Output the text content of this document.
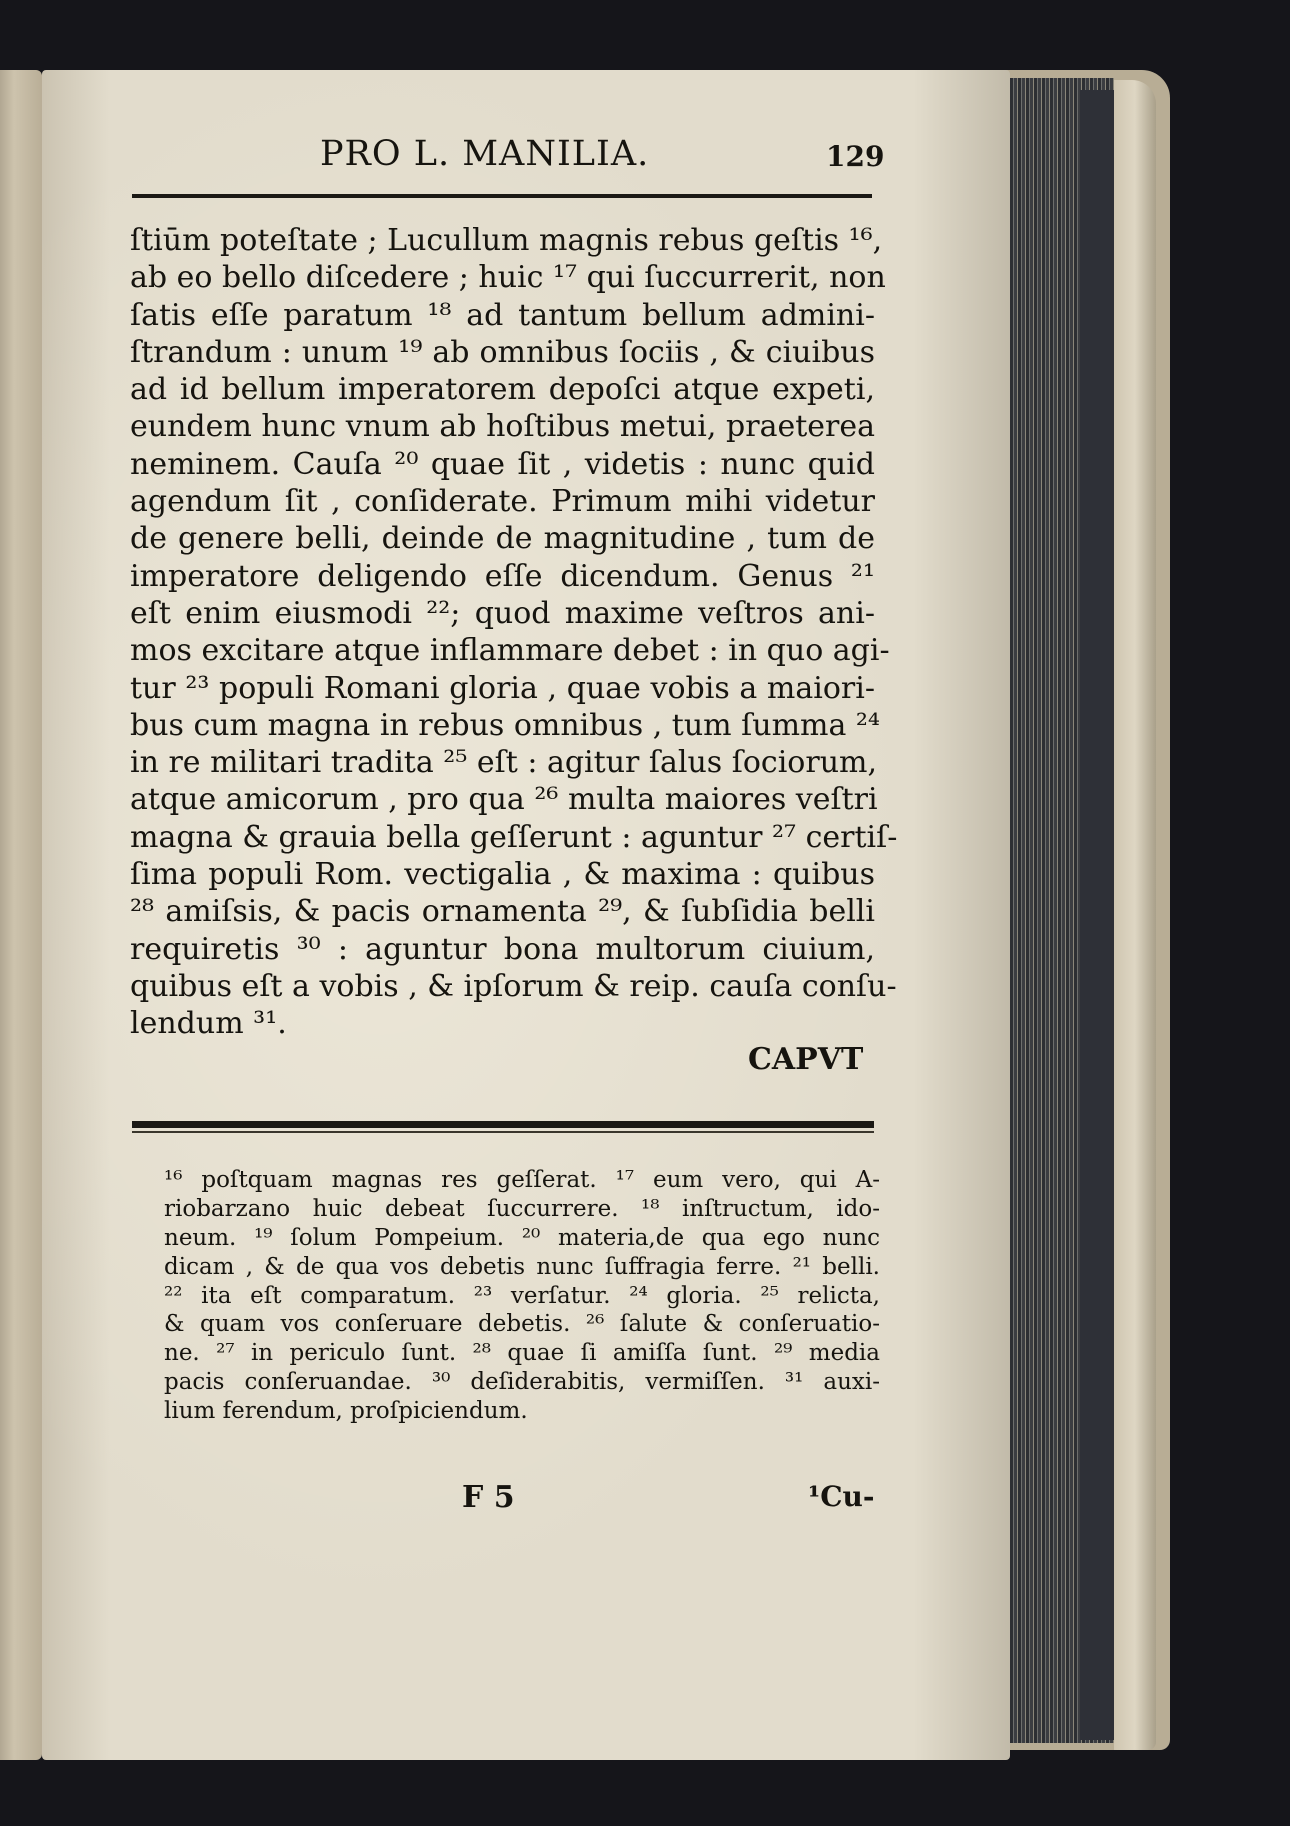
PRO L. MANILIA.	129
ſtiūm poteſtate ; Lucullum magnis rebus geſtis ¹⁶,
ab eo bello diſcedere ; huic ¹⁷ qui ſuccurrerit, non
ſatis eſſe paratum ¹⁸ ad tantum bellum admini-
ſtrandum : unum ¹⁹ ab omnibus ſociis , & ciuibus
ad id bellum imperatorem depoſci atque expeti,
eundem hunc vnum ab hoſtibus metui, praeterea
neminem. Cauſa ²⁰ quae ſit , videtis : nunc quid
agendum ſit , conſiderate. Primum mihi videtur
de genere belli, deinde de magnitudine , tum de
imperatore deligendo eſſe dicendum. Genus ²¹
eſt enim eiusmodi ²²; quod maxime veſtros ani-
mos excitare atque inflammare debet : in quo agi-
tur ²³ populi Romani gloria , quae vobis a maiori-
bus cum magna in rebus omnibus , tum ſumma ²⁴
in re militari tradita ²⁵ eſt : agitur ſalus ſociorum,
atque amicorum , pro qua ²⁶ multa maiores veſtri
magna & grauia bella geſſerunt : aguntur ²⁷ certiſ-
ſima populi Rom. vectigalia , & maxima : quibus
²⁸ amiſsis, & pacis ornamenta ²⁹, & ſubſidia belli
requiretis ³⁰ : aguntur bona multorum ciuium,
quibus eſt a vobis , & ipſorum & reip. cauſa conſu-
lendum ³¹.
CAPVT
¹⁶ poſtquam magnas res geſſerat. ¹⁷ eum vero, qui A-
riobarzano huic debeat ſuccurrere. ¹⁸ inſtructum, ido-
neum. ¹⁹ ſolum Pompeium. ²⁰ materia,de qua ego nunc
dicam , & de qua vos debetis nunc ſuffragia ferre. ²¹ belli.
²² ita eſt comparatum. ²³ verſatur. ²⁴ gloria. ²⁵ relicta,
& quam vos conſeruare debetis. ²⁶ ſalute & conſeruatio-
ne. ²⁷ in periculo ſunt. ²⁸ quae ſi amiſſa ſunt. ²⁹ media
pacis conſeruandae. ³⁰ deſiderabitis, vermiſſen. ³¹ auxi-
lium ferendum, proſpiciendum.
F 5	¹Cu-
